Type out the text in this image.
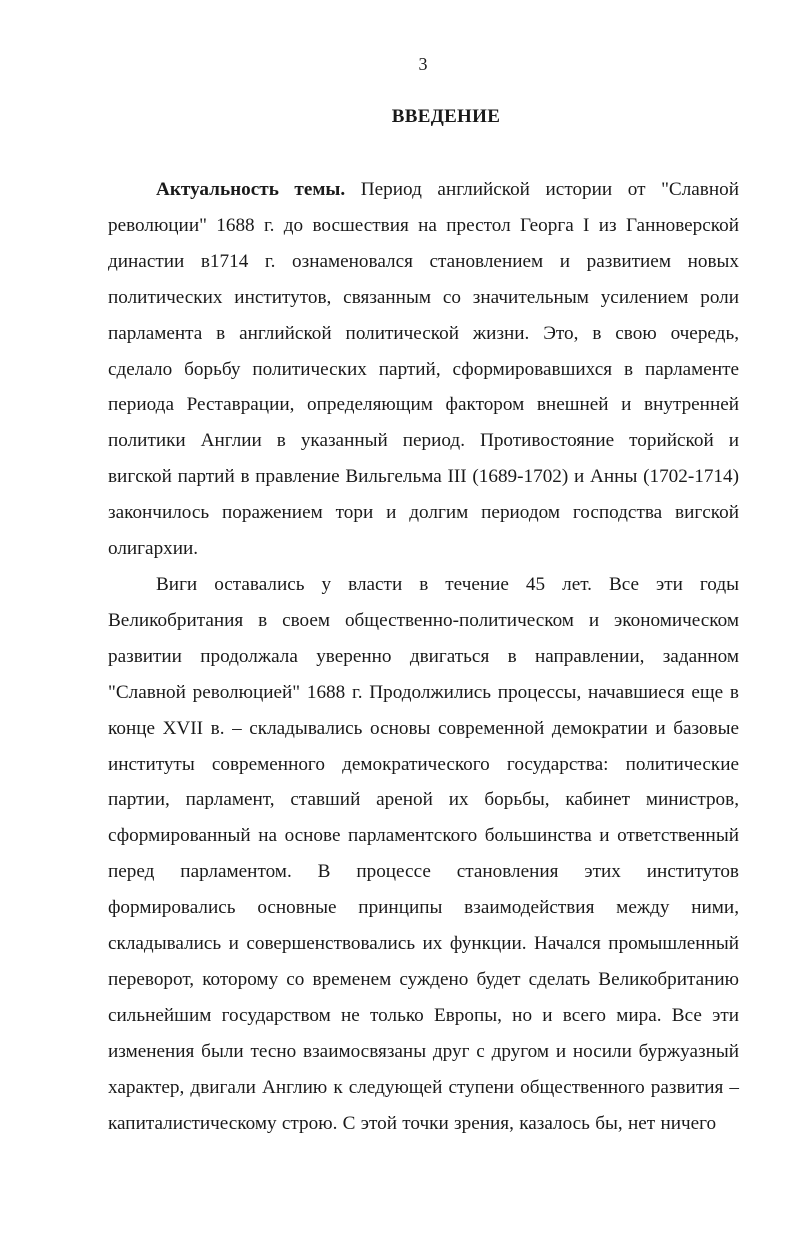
3
ВВЕДЕНИЕ

Актуальность темы. Период английской истории от "Славной революции" 1688 г. до восшествия на престол Георга I из Ганноверской династии в1714 г. ознаменовался становлением и развитием новых политических институтов, связанным со значительным усилением роли парламента в английской политической жизни. Это, в свою очередь, сделало борьбу политических партий, сформировавшихся в парламенте периода Реставрации, определяющим фактором внешней и внутренней политики Англии в указанный период. Противостояние торийской и вигской партий в правление Вильгельма III (1689-1702) и Анны (1702-1714) закончилось поражением тори и долгим периодом господства вигской олигархии.

Виги оставались у власти в течение 45 лет. Все эти годы Великобритания в своем общественно-политическом и экономическом развитии продолжала уверенно двигаться в направлении, заданном "Славной революцией" 1688 г. Продолжились процессы, начавшиеся еще в конце XVII в. – складывались основы современной демократии и базовые институты современного демократического государства: политические партии, парламент, ставший ареной их борьбы, кабинет министров, сформированный на основе парламентского большинства и ответственный перед парламентом. В процессе становления этих институтов формировались основные принципы взаимодействия между ними, складывались и совершенствовались их функции. Начался промышленный переворот, которому со временем суждено будет сделать Великобританию сильнейшим государством не только Европы, но и всего мира. Все эти изменения были тесно взаимосвязаны друг с другом и носили буржуазный характер, двигали Англию к следующей ступени общественного развития – капиталистическому строю. С этой точки зрения, казалось бы, нет ничего
